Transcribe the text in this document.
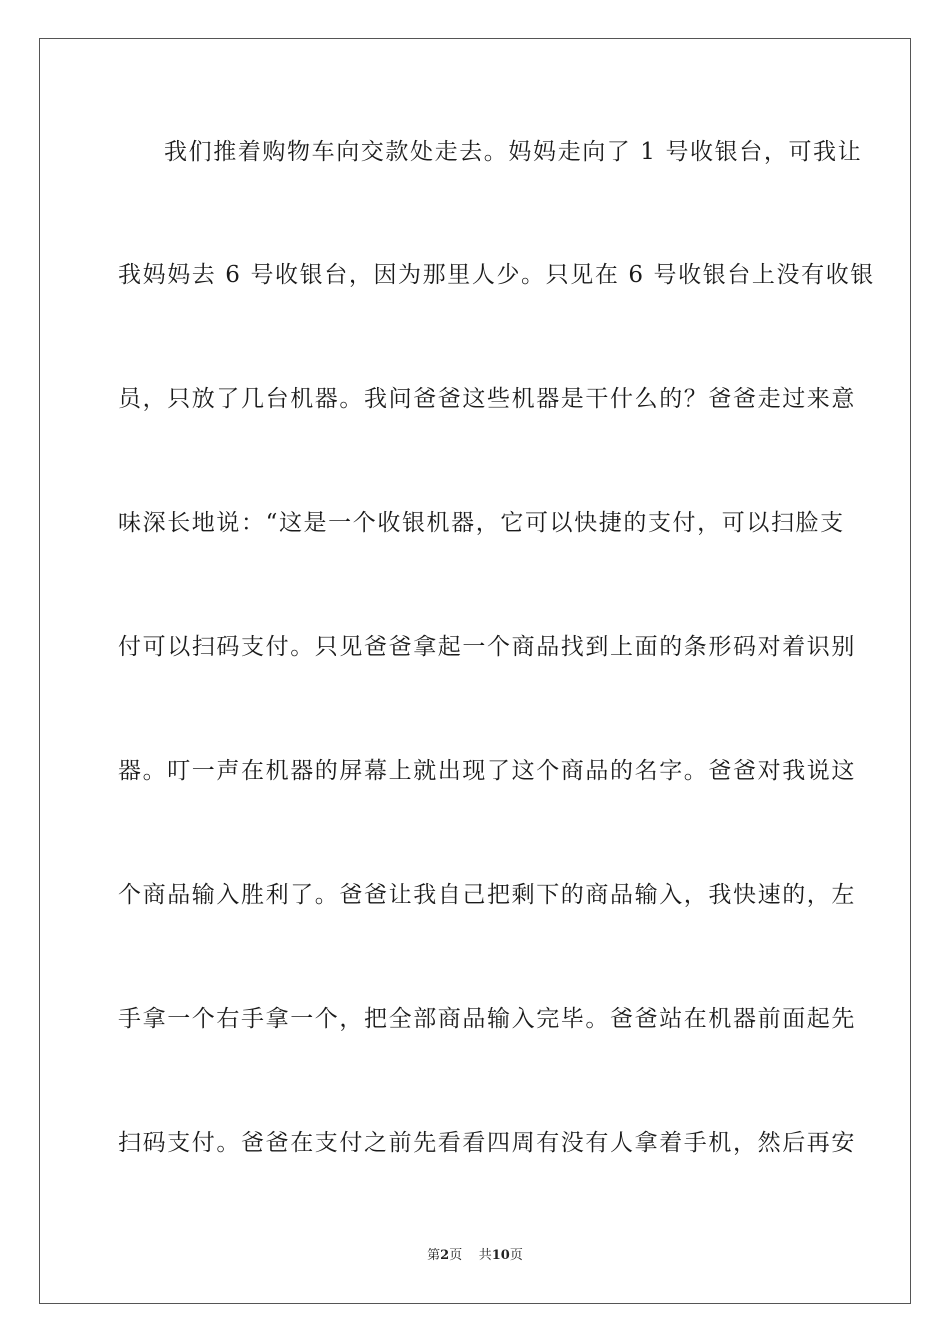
我们推着购物车向交款处走去。妈妈走向了 1 号收银台，可我让
我妈妈去 6 号收银台，因为那里人少。只见在 6 号收银台上没有收银
员，只放了几台机器。我问爸爸这些机器是干什么的？爸爸走过来意
味深长地说：“这是一个收银机器，它可以快捷的支付，可以扫脸支
付可以扫码支付。只见爸爸拿起一个商品找到上面的条形码对着识别
器。叮一声在机器的屏幕上就出现了这个商品的名字。爸爸对我说这
个商品输入胜利了。爸爸让我自己把剩下的商品输入，我快速的，左
手拿一个右手拿一个，把全部商品输入完毕。爸爸站在机器前面起先
扫码支付。爸爸在支付之前先看看四周有没有人拿着手机，然后再安
第2页 共10页
